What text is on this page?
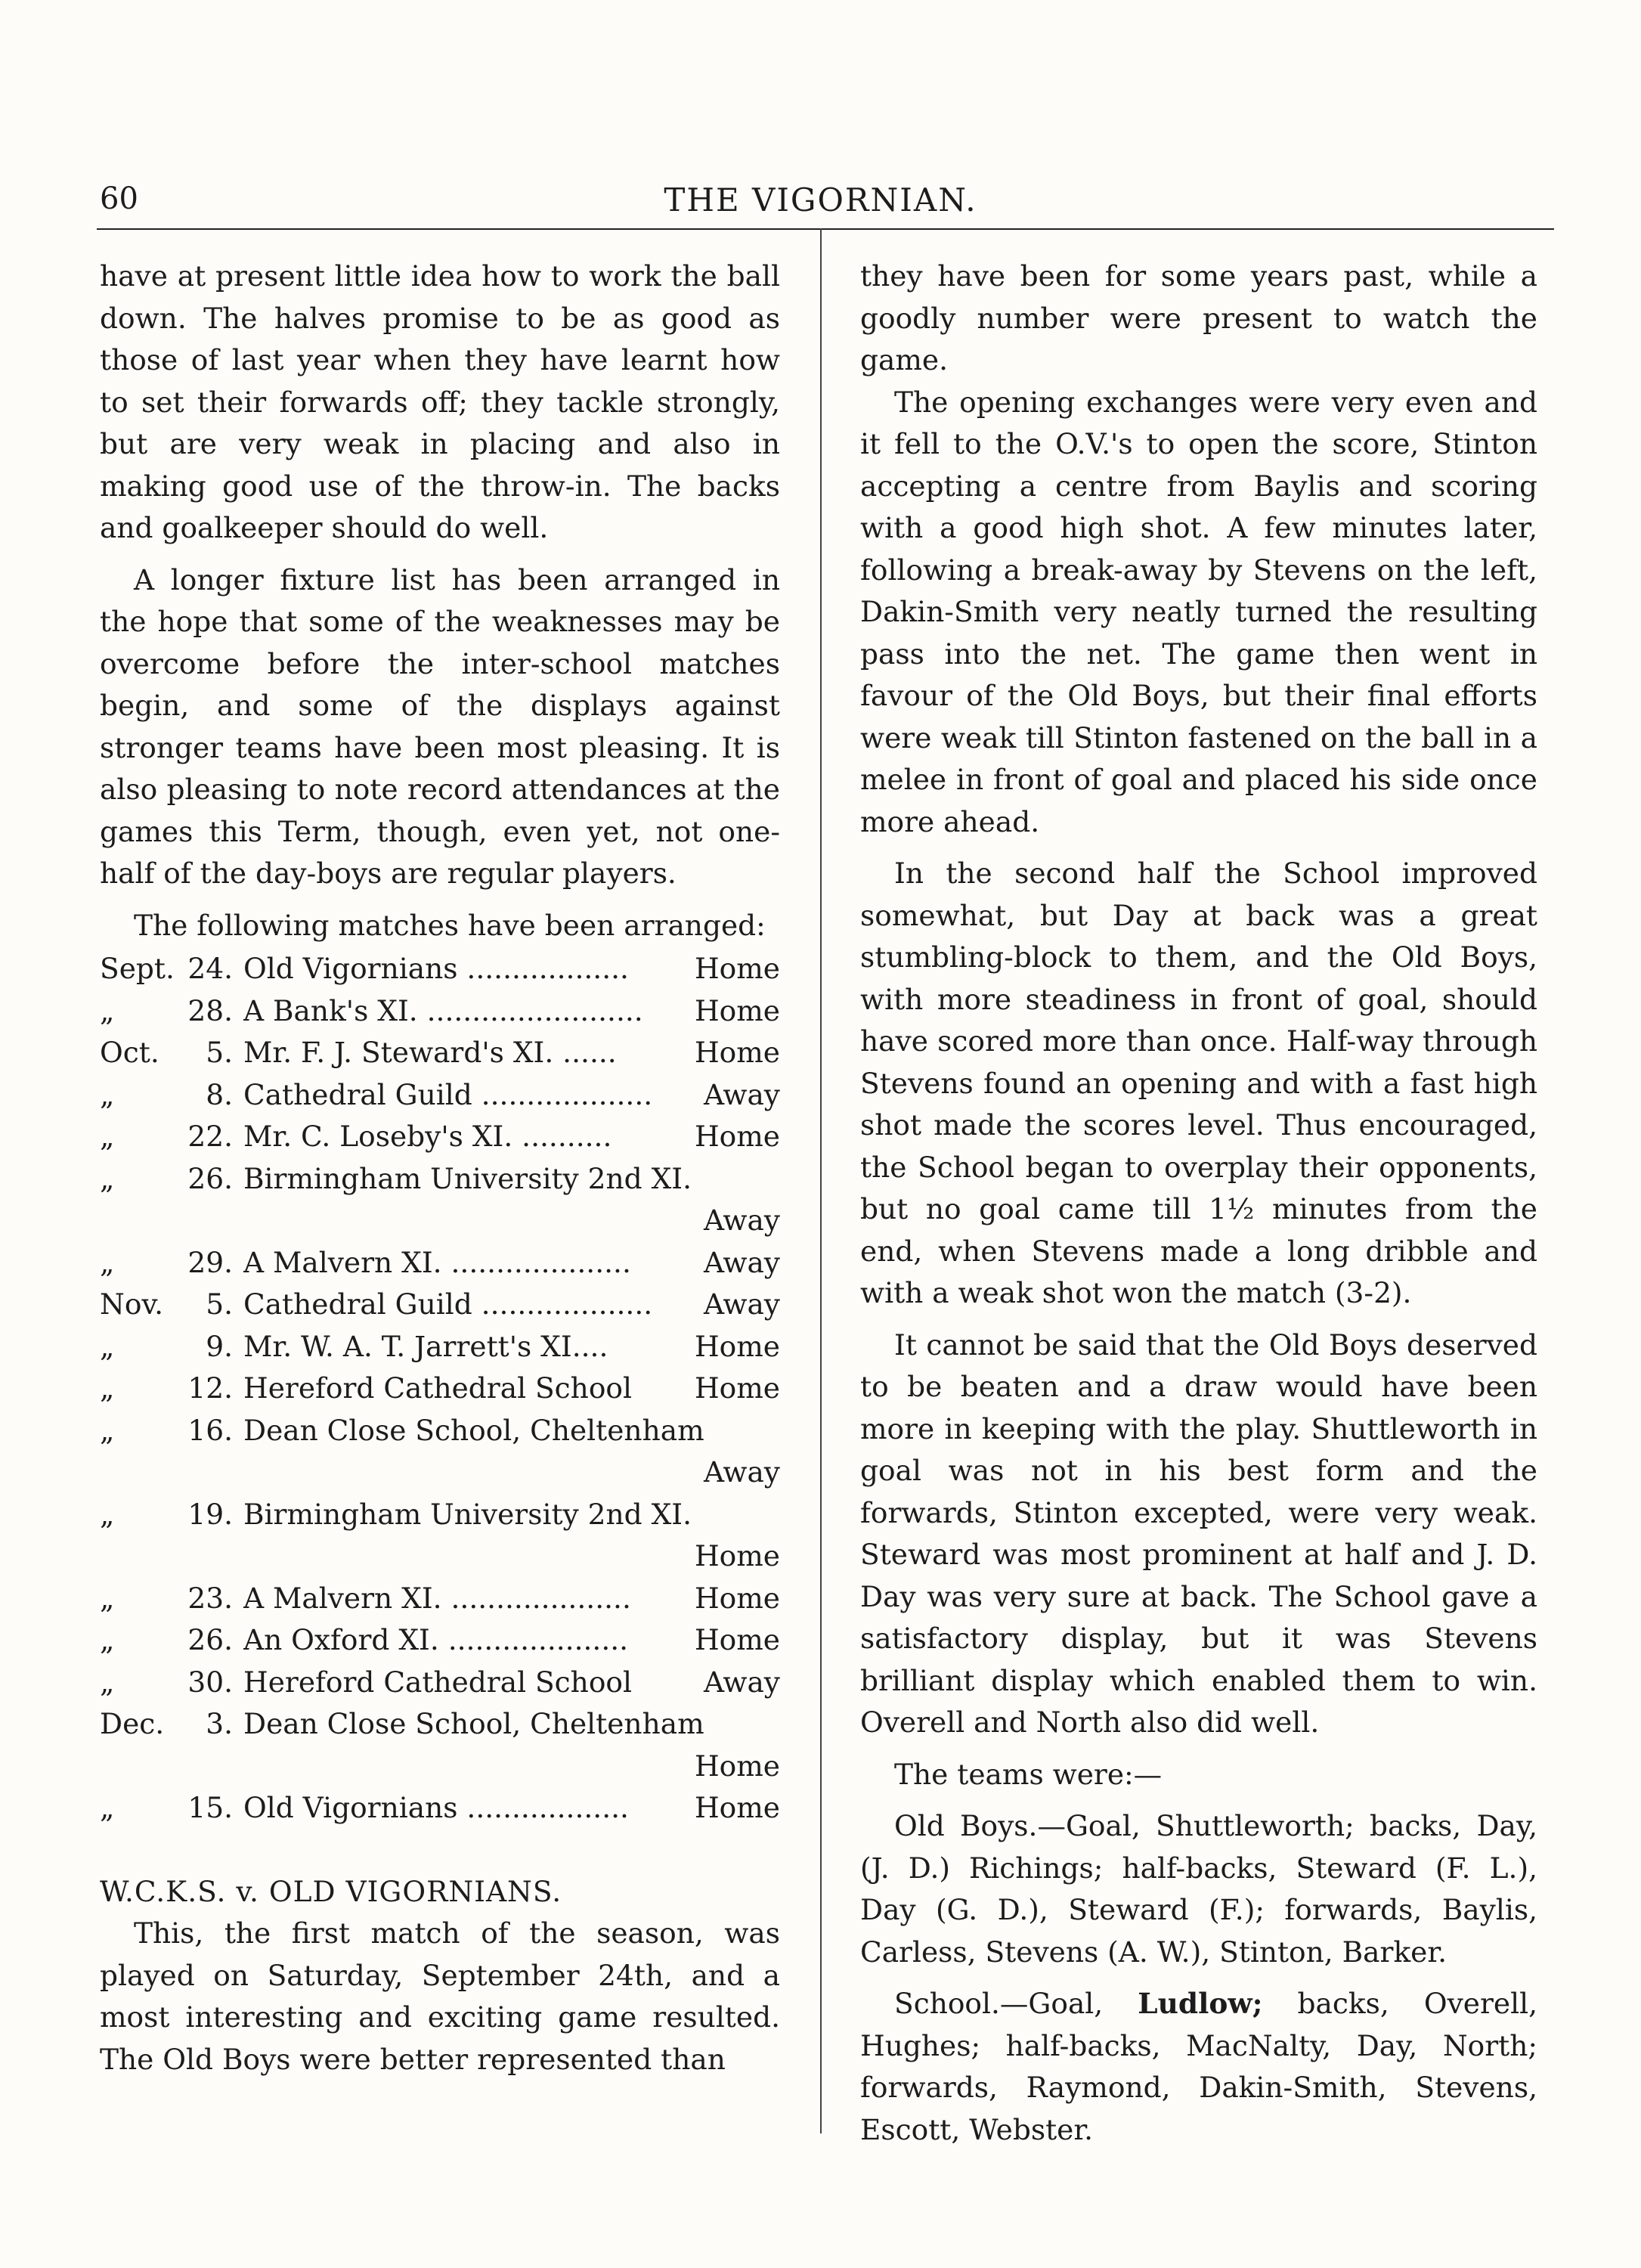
60	THE VIGORNIAN.

have at present little idea how to work the ball down. The halves promise to be as good as those of last year when they have learnt how to set their forwards off; they tackle strongly, but are very weak in placing and also in making good use of the throw-in. The backs and goalkeeper should do well.

A longer fixture list has been arranged in the hope that some of the weaknesses may be overcome before the inter-school matches begin, and some of the displays against stronger teams have been most pleasing. It is also pleasing to note record attendances at the games this Term, though, even yet, not one-half of the day-boys are regular players.

The following matches have been arranged:

Sept. 24. Old Vigornians ..................	Home
„	28. A Bank's XI. ........................	Home
Oct.	5. Mr. F. J. Steward's XI. ......	Home
„	8. Cathedral Guild ...................	Away
„	22. Mr. C. Loseby's XI. ..........	Home
„	26. Birmingham University 2nd XI.
Away
„	29. A Malvern XI. ....................	Away
Nov.	5. Cathedral Guild ...................	Away
„	9. Mr. W. A. T. Jarrett's XI....	Home
„	12. Hereford Cathedral School	Home
„	16. Dean Close School, Cheltenham
Away
„	19. Birmingham University 2nd XI.
Home
„	23. A Malvern XI. ....................	Home
„	26. An Oxford XI. ....................	Home
„	30. Hereford Cathedral School	Away
Dec.	3. Dean Close School, Cheltenham
Home
„	15. Old Vigornians ..................	Home

W.C.K.S. v. OLD VIGORNIANS.

This, the first match of the season, was played on Saturday, September 24th, and a most interesting and exciting game resulted. The Old Boys were better represented than

they have been for some years past, while a goodly number were present to watch the game.

The opening exchanges were very even and it fell to the O.V.'s to open the score, Stinton accepting a centre from Baylis and scoring with a good high shot. A few minutes later, following a break-away by Stevens on the left, Dakin-Smith very neatly turned the resulting pass into the net. The game then went in favour of the Old Boys, but their final efforts were weak till Stinton fastened on the ball in a melee in front of goal and placed his side once more ahead.

In the second half the School improved somewhat, but Day at back was a great stumbling-block to them, and the Old Boys, with more steadiness in front of goal, should have scored more than once. Half-way through Stevens found an opening and with a fast high shot made the scores level. Thus encouraged, the School began to overplay their opponents, but no goal came till 1½ minutes from the end, when Stevens made a long dribble and with a weak shot won the match (3-2).

It cannot be said that the Old Boys deserved to be beaten and a draw would have been more in keeping with the play. Shuttleworth in goal was not in his best form and the forwards, Stinton excepted, were very weak. Steward was most prominent at half and J. D. Day was very sure at back. The School gave a satisfactory display, but it was Stevens brilliant display which enabled them to win. Overell and North also did well.

The teams were:—

Old Boys.—Goal, Shuttleworth; backs, Day, (J. D.) Richings; half-backs, Steward (F. L.), Day (G. D.), Steward (F.); forwards, Baylis, Carless, Stevens (A. W.), Stinton, Barker.

School.—Goal, Ludlow; backs, Overell, Hughes; half-backs, MacNalty, Day, North; forwards, Raymond, Dakin-Smith, Stevens, Escott, Webster.
